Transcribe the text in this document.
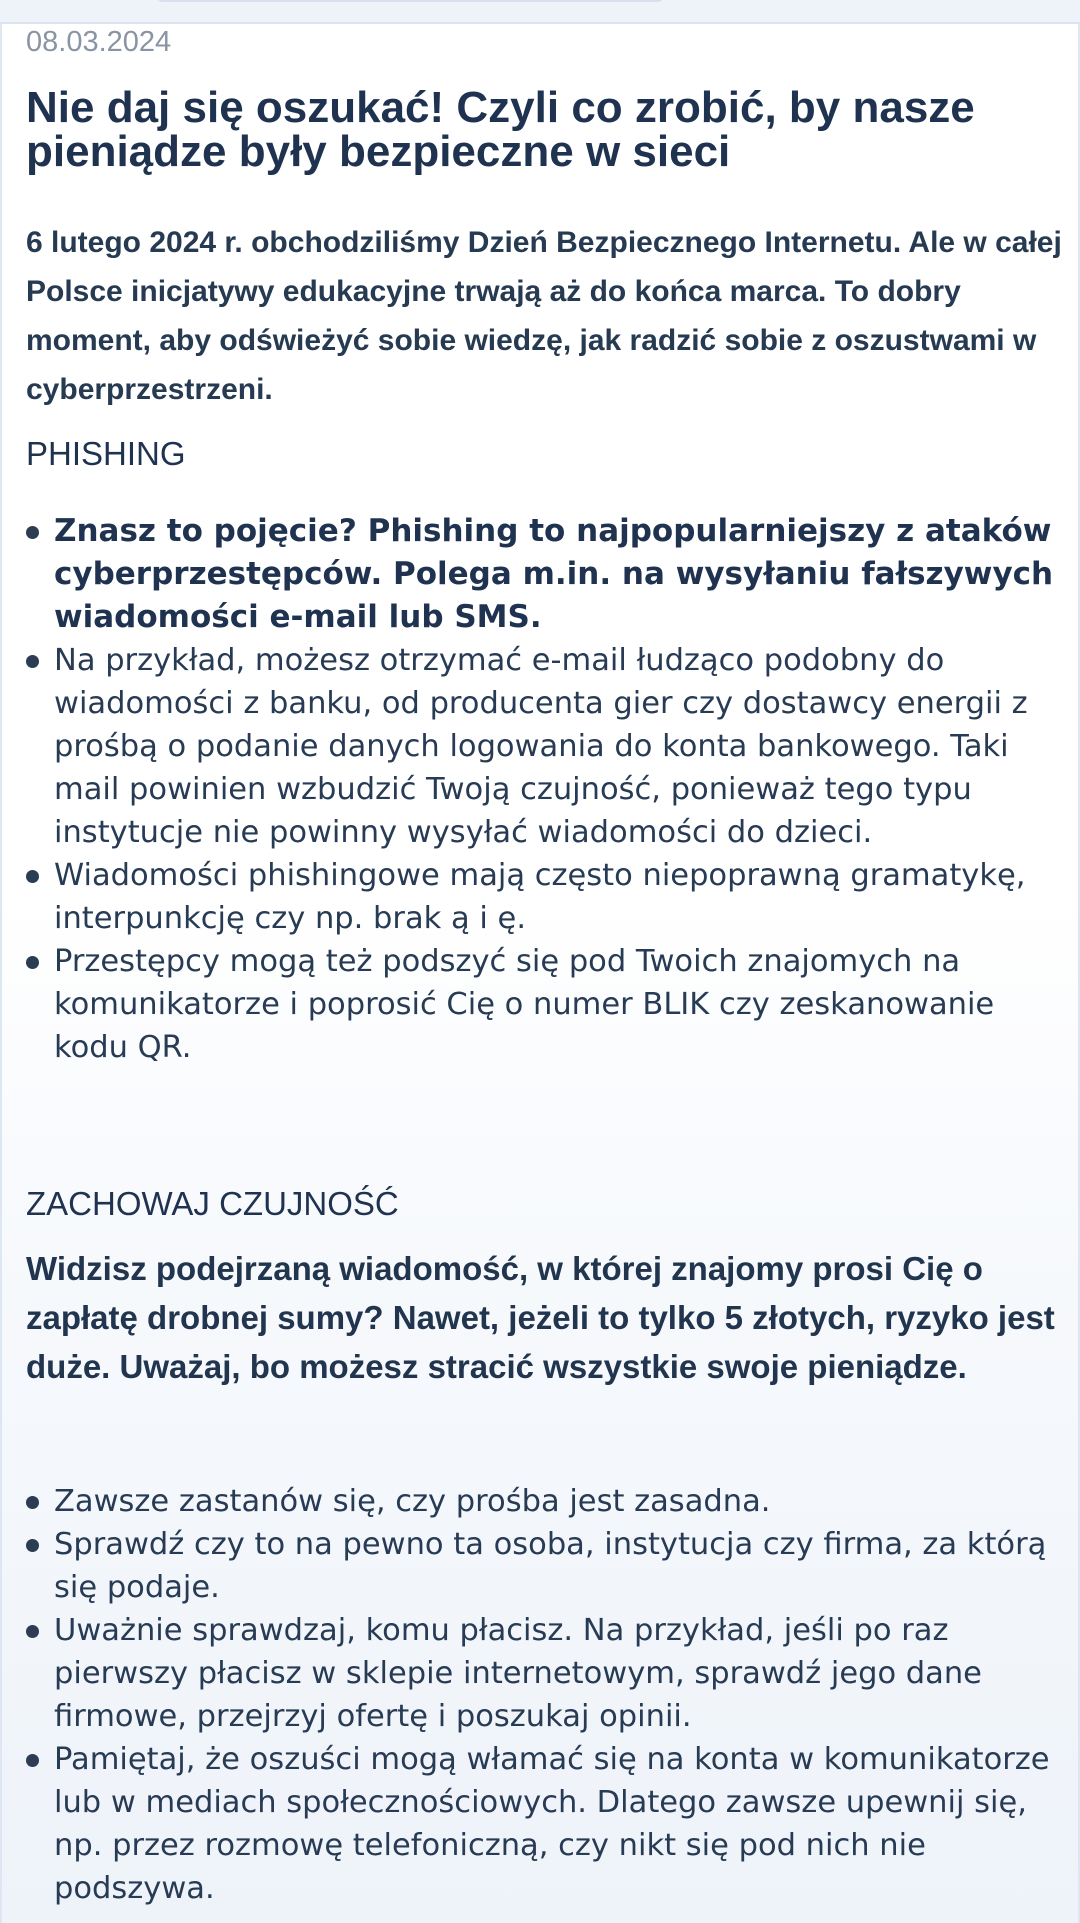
08.03.2024
Nie daj się oszukać! Czyli co zrobić, by nasze pieniądze były bezpieczne w sieci

6 lutego 2024 r. obchodziliśmy Dzień Bezpiecznego Internetu. Ale w całej Polsce inicjatywy edukacyjne trwają aż do końca marca. To dobry moment, aby odświeżyć sobie wiedzę, jak radzić sobie z oszustwami w cyberprzestrzeni.

PHISHING
Znasz to pojęcie? Phishing to najpopularniejszy z ataków cyberprzestępców. Polega m.in. na wysyłaniu fałszywych wiadomości e-mail lub SMS.
Na przykład, możesz otrzymać e-mail łudząco podobny do wiadomości z banku, od producenta gier czy dostawcy energii z prośbą o podanie danych logowania do konta bankowego. Taki mail powinien wzbudzić Twoją czujność, ponieważ tego typu instytucje nie powinny wysyłać wiadomości do dzieci.
Wiadomości phishingowe mają często niepoprawną gramatykę, interpunkcję czy np. brak ą i ę.
Przestępcy mogą też podszyć się pod Twoich znajomych na komunikatorze i poprosić Cię o numer BLIK czy zeskanowanie kodu QR.
ZACHOWAJ CZUJNOŚĆ

Widzisz podejrzaną wiadomość, w której znajomy prosi Cię o zapłatę drobnej sumy? Nawet, jeżeli to tylko 5 złotych, ryzyko jest duże. Uważaj, bo możesz stracić wszystkie swoje pieniądze.

Zawsze zastanów się, czy prośba jest zasadna.
Sprawdź czy to na pewno ta osoba, instytucja czy firma, za którą się podaje.
Uważnie sprawdzaj, komu płacisz. Na przykład, jeśli po raz pierwszy płacisz w sklepie internetowym, sprawdź jego dane firmowe, przejrzyj ofertę i poszukaj opinii.
Pamiętaj, że oszuści mogą włamać się na konta w komunikatorze lub w mediach społecznościowych. Dlatego zawsze upewnij się, np. przez rozmowę telefoniczną, czy nikt się pod nich nie podszywa.
